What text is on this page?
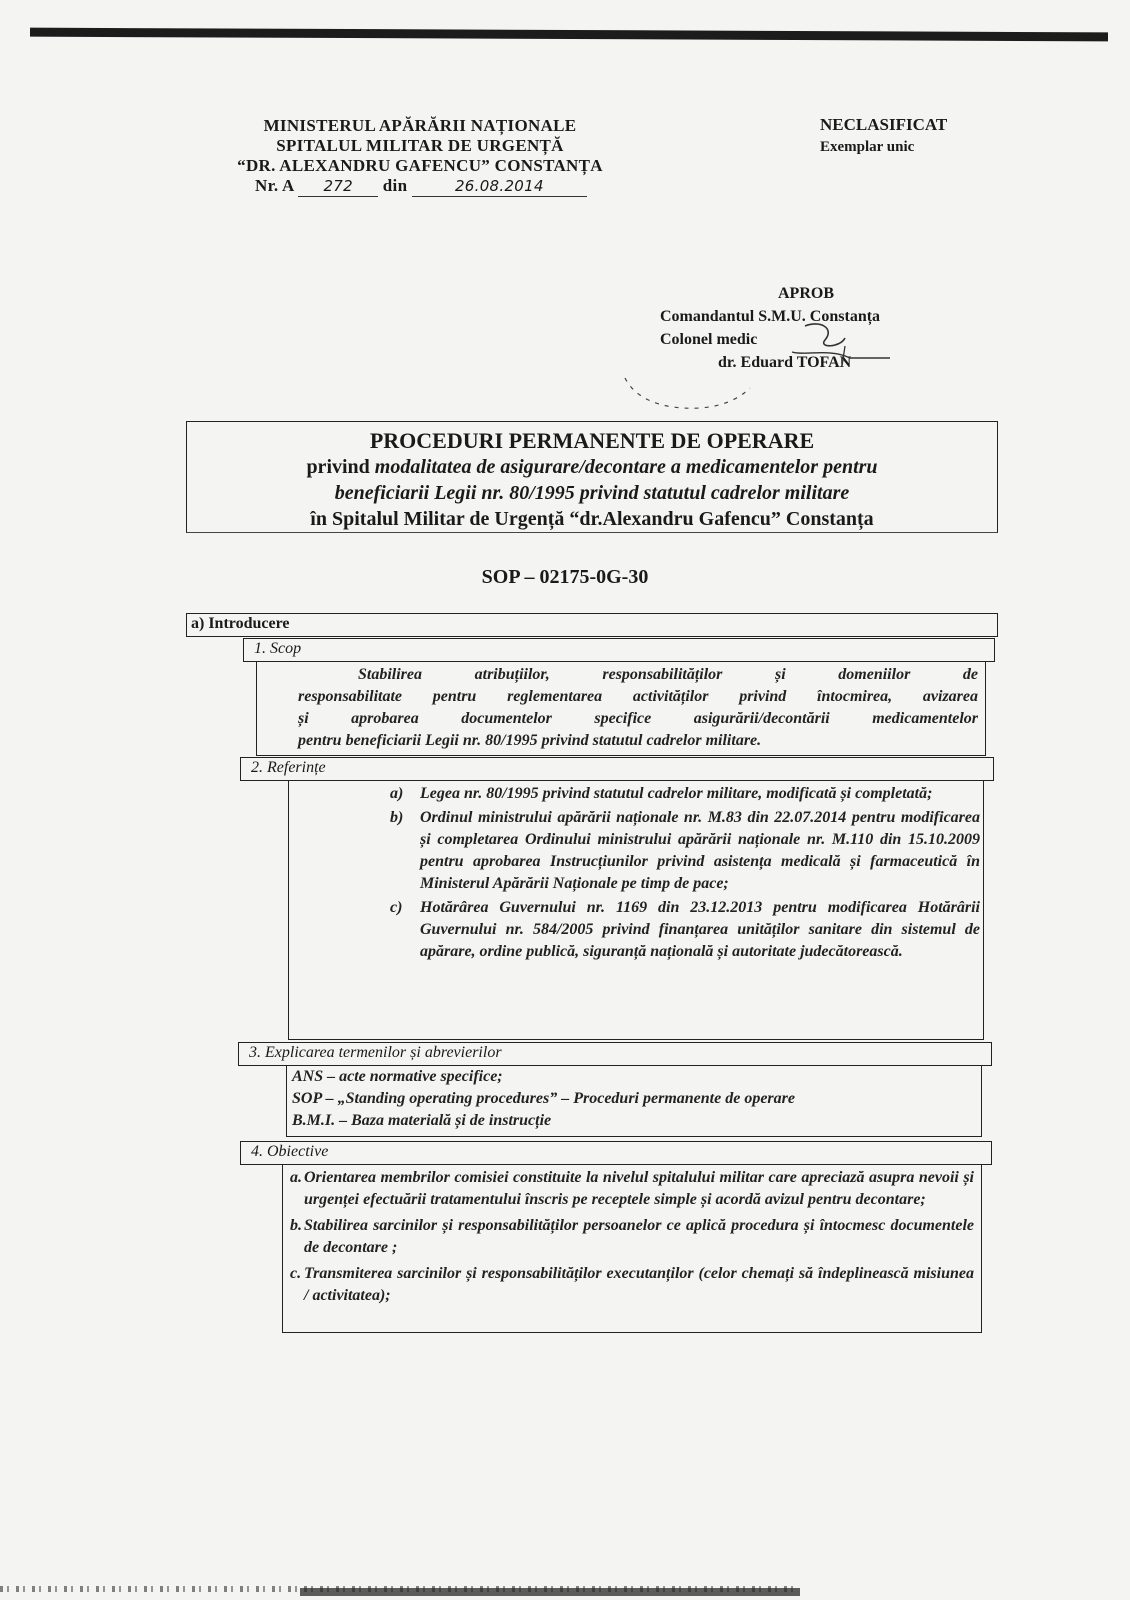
MINISTERUL APĂRĂRII NAȚIONALE
SPITALUL MILITAR DE URGENȚĂ
“DR. ALEXANDRU GAFENCU” CONSTANȚA
Nr. A 272 din	26.08.2014
NECLASIFICAT
Exemplar unic
APROB
Comandantul S.M.U. Constanța
Colonel medic
dr. Eduard TOFAN
PROCEDURI PERMANENTE DE OPERARE
privind modalitatea de asigurare/decontare a medicamentelor pentru
beneficiarii Legii nr. 80/1995 privind statutul cadrelor militare
în Spitalul Militar de Urgență “dr.Alexandru Gafencu” Constanța
SOP – 02175-0G-30
a) Introducere
1. Scop
Stabilirea atribuțiilor, responsabilităților și domeniilor de
responsabilitate pentru reglementarea activităților privind întocmirea, avizarea
și aprobarea documentelor specifice asigurării/decontării medicamentelor
pentru beneficiarii Legii nr. 80/1995 privind statutul cadrelor militare.
2. Referințe
a)	Legea nr. 80/1995 privind statutul cadrelor militare, modificată și completată;
b)	Ordinul ministrului apărării naționale nr. M.83 din 22.07.2014 pentru modificarea și completarea Ordinului ministrului apărării naționale nr. M.110 din 15.10.2009 pentru aprobarea Instrucțiunilor privind asistența medicală și farmaceutică în Ministerul Apărării Naționale pe timp de pace;
c)	Hotărârea Guvernului nr. 1169 din 23.12.2013 pentru modificarea Hotărârii Guvernului nr. 584/2005 privind finanțarea unităților sanitare din sistemul de apărare, ordine publică, siguranță națională și autoritate judecătorească.
3. Explicarea termenilor și abrevierilor
ANS – acte normative specifice;
SOP – „Standing operating procedures” – Proceduri permanente de operare
B.M.I. – Baza materială și de instrucție
4. Obiective
a. Orientarea membrilor comisiei constituite la nivelul spitalului militar care apreciază asupra nevoii și urgenței efectuării tratamentului înscris pe receptele simple și acordă avizul pentru decontare;
b. Stabilirea sarcinilor și responsabilităților persoanelor ce aplică procedura și întocmesc documentele de decontare ;
c. Transmiterea sarcinilor și responsabilităților executanților (celor chemați să îndeplinească misiunea / activitatea);
